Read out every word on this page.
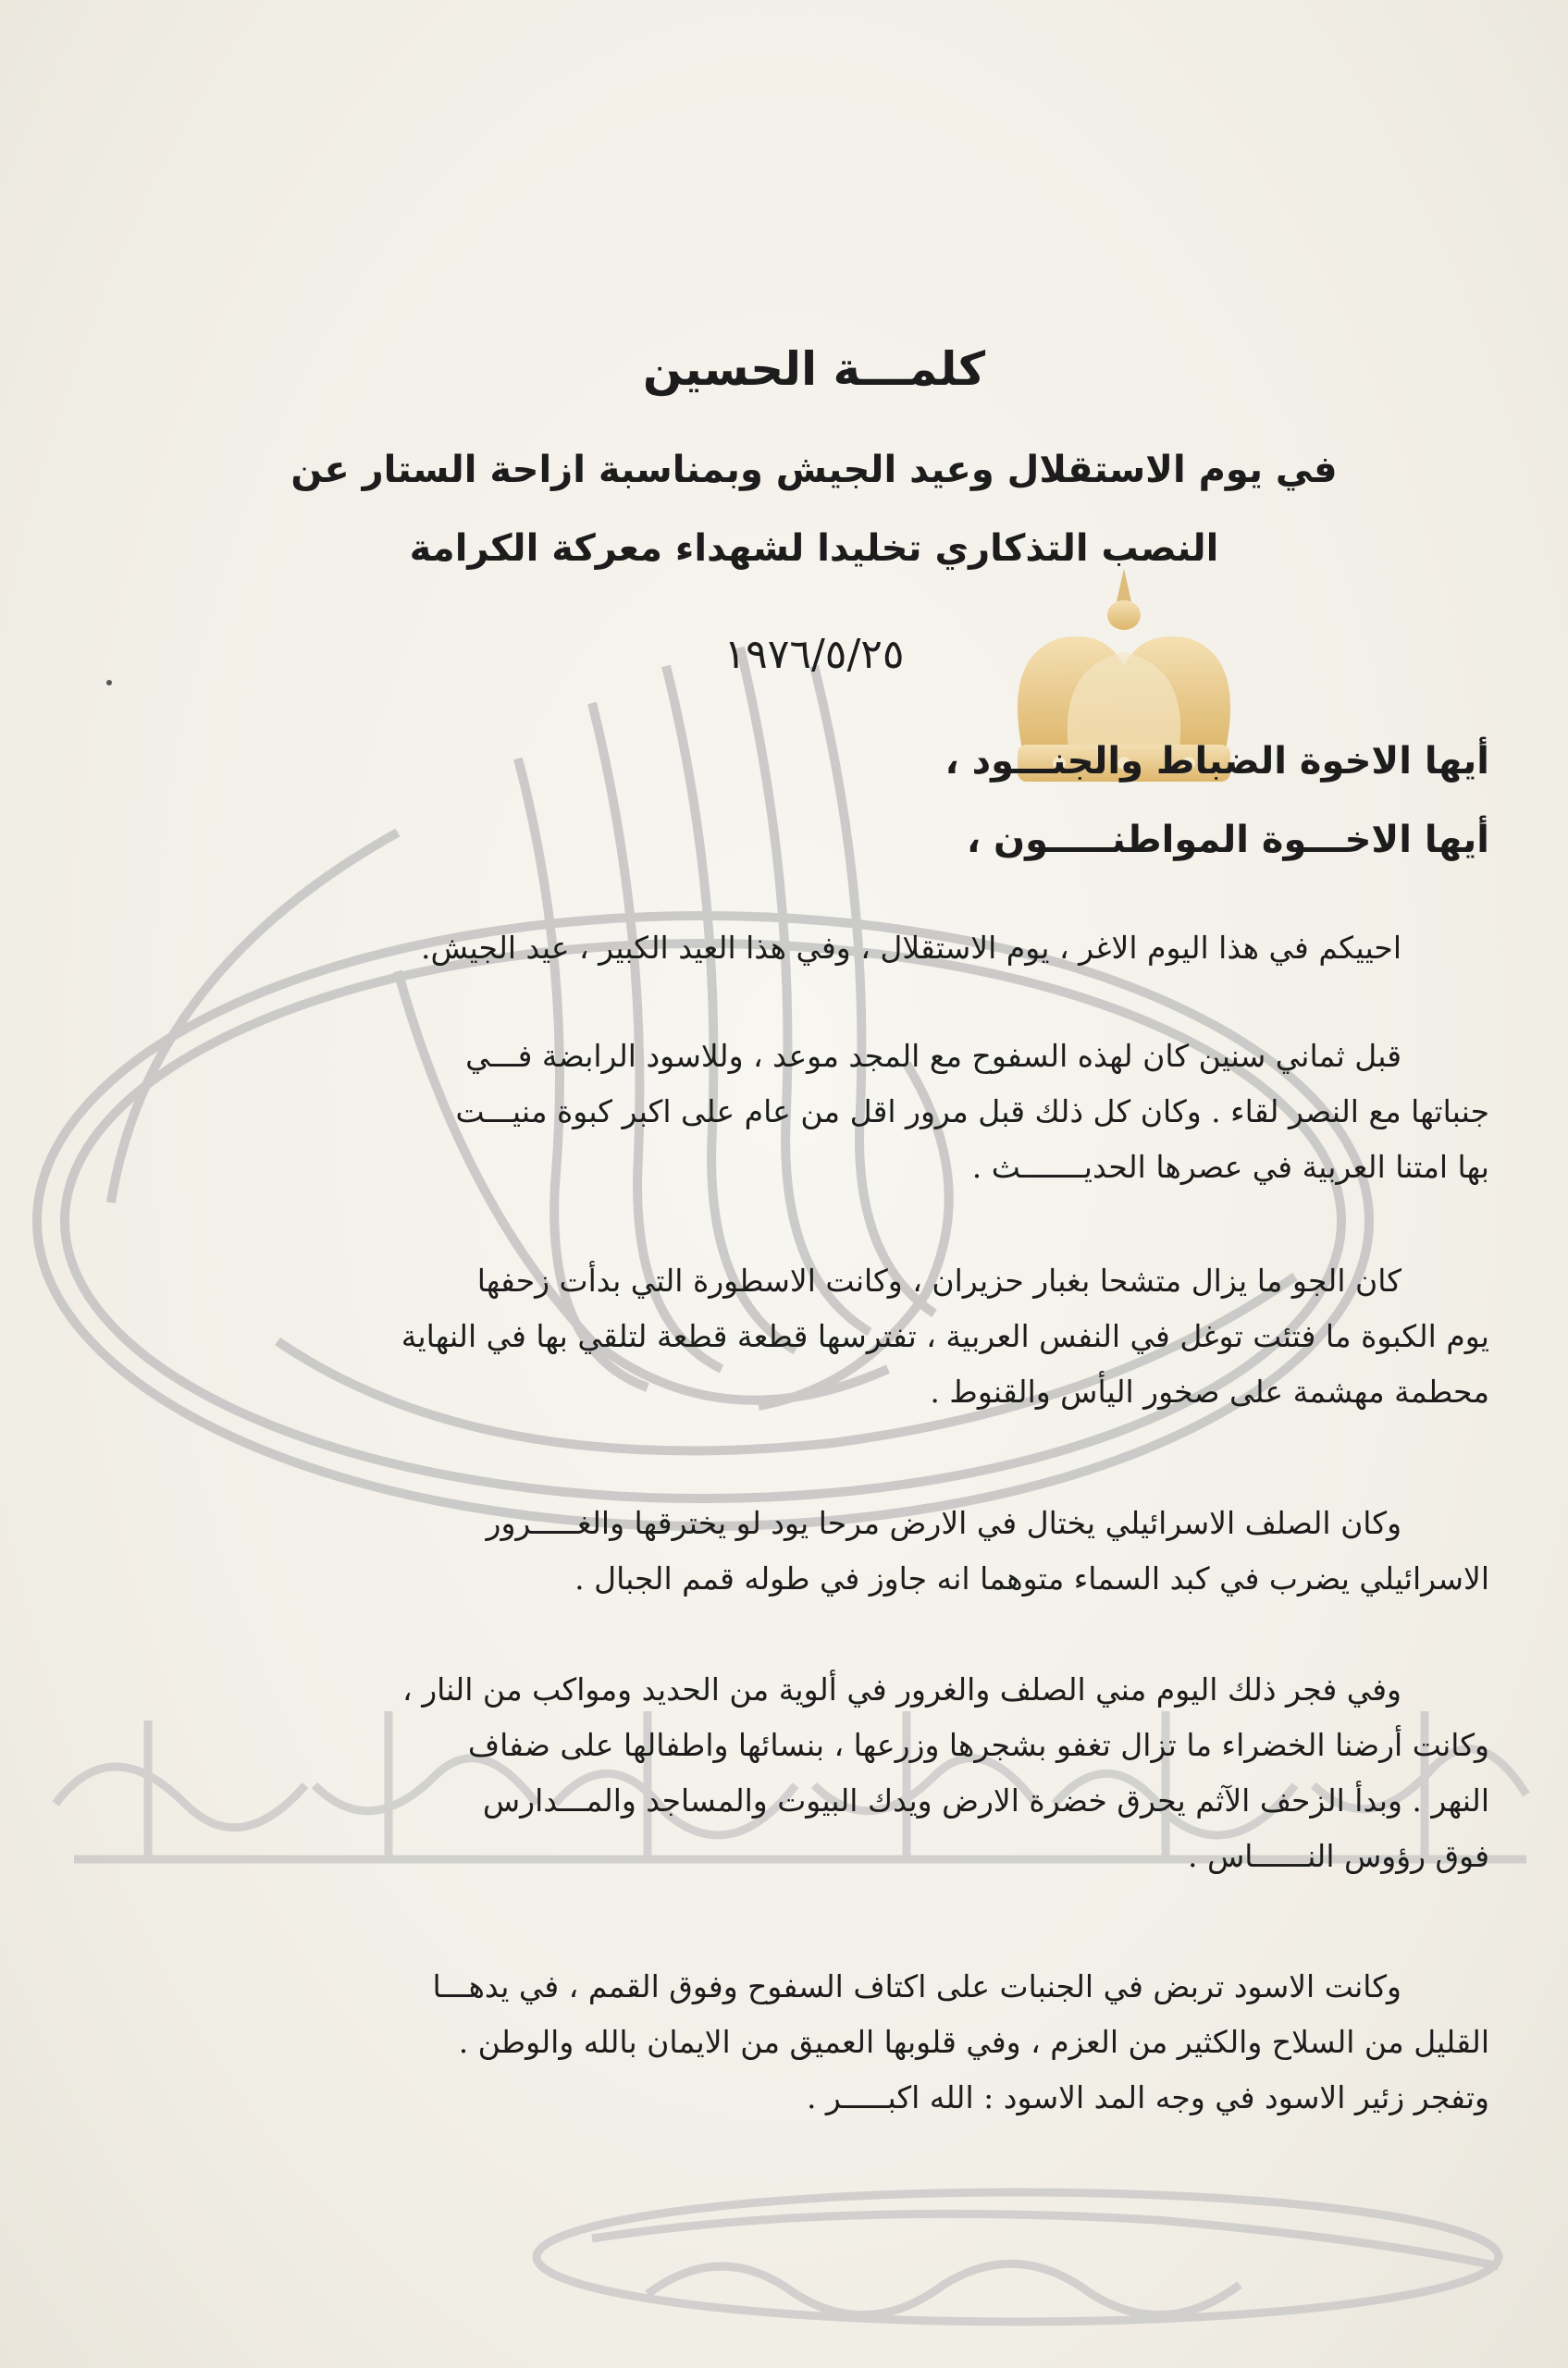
كلمـــة الحسين
في يوم الاستقلال وعيد الجيش وبمناسبة ازاحة الستار عن
النصب التذكاري تخليدا لشهداء معركة الكرامة
١٩٧٦/٥/٢٥
أيها الاخوة الضباط والجنـــود ،
أيها الاخـــوة المواطنـــــون ،
احييكم في هذا اليوم الاغر ، يوم الاستقلال ، وفي هذا العيد الكبير ، عيد الجيش.
قبل ثماني سنين كان لهذه السفوح مع المجد موعد ، وللاسود الرابضة فـــي
جنباتها مع النصر لقاء . وكان كل ذلك قبل مرور اقل من عام على اكبر كبوة منيـــت
بها امتنا العربية في عصرها الحديـــــــث .
كان الجو ما يزال متشحا بغبار حزيران ، وكانت الاسطورة التي بدأت زحفها
يوم الكبوة ما فتئت توغل في النفس العربية ، تفترسها قطعة قطعة لتلقي بها في النهاية
محطمة مهشمة على صخور اليأس والقنوط .
وكان الصلف الاسرائيلي يختال في الارض مرحا يود لو يخترقها والغـــــرور
الاسرائيلي يضرب في كبد السماء متوهما انه جاوز في طوله قمم الجبال .
وفي فجر ذلك اليوم مني الصلف والغرور في ألوية من الحديد ومواكب من النار ،
وكانت أرضنا الخضراء ما تزال تغفو بشجرها وزرعها ، بنسائها واطفالها على ضفاف
النهر . وبدأ الزحف الآثم يحرق خضرة الارض ويدك البيوت والمساجد والمـــدارس
فوق رؤوس النــــــاس .
وكانت الاسود تربض في الجنبات على اكتاف السفوح وفوق القمم ، في يدهـــا
القليل من السلاح والكثير من العزم ، وفي قلوبها العميق من الايمان بالله والوطن .
وتفجر زئير الاسود في وجه المد الاسود : الله اكبـــــر .
